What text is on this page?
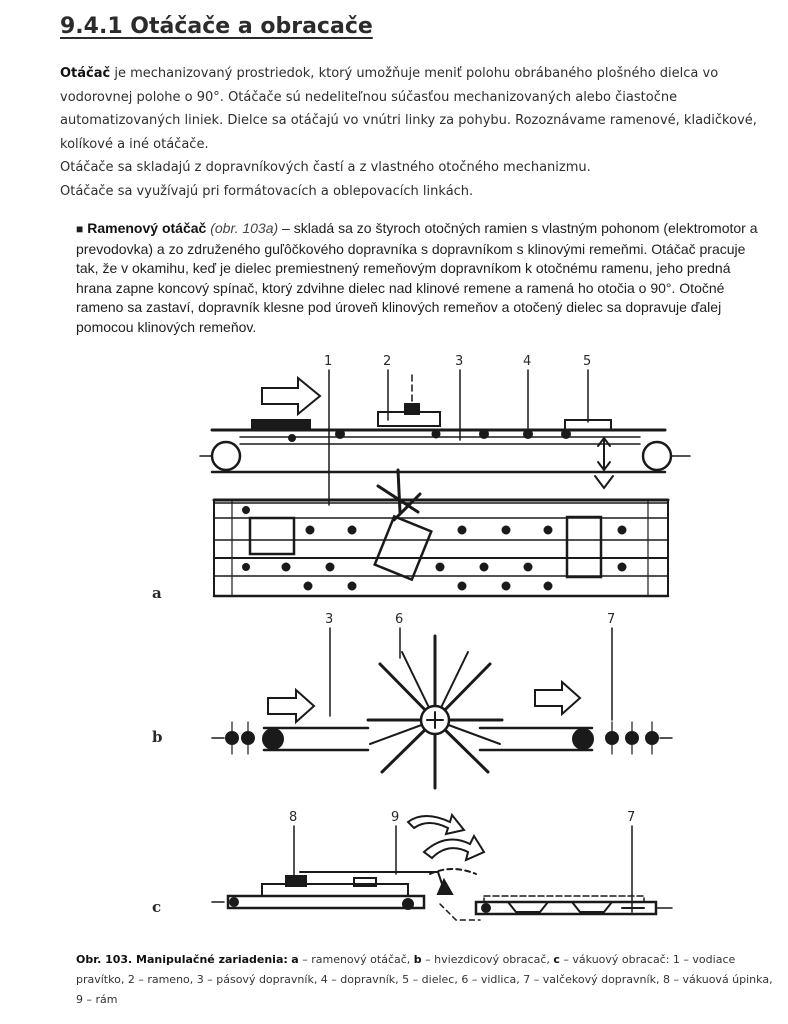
9.4.1 Otáčače a obracače

Otáčač je mechanizovaný prostriedok, ktorý umožňuje meniť polohu obrábaného plošného dielca vo vodorovnej polohe o 90°. Otáčače sú nedeliteľnou súčasťou mechanizovaných alebo čiastočne automatizovaných liniek. Dielce sa otáčajú vo vnútri linky za pohybu. Rozoznávame ramenové, kladičkové, kolíkové a iné otáčače.

Otáčače sa skladajú z dopravníkových častí a z vlastného otočného mechanizmu.

Otáčače sa využívajú pri formátovacích a oblepovacích linkách.

■ Ramenový otáčač (obr. 103a) – skladá sa zo štyroch otočných ramien s vlastným pohonom (elektromotor a prevodovka) a zo združeného guľôčkového dopravníka s dopravníkom s klinovými remeňmi. Otáčač pracuje tak, že v okamihu, keď je dielec premiestnený remeňovým dopravníkom k otočnému ramenu, jeho predná hrana zapne koncový spínač, ktorý zdvihne dielec nad klinové remene a ramená ho otočia o 90°. Otočné rameno sa zastaví, dopravník klesne pod úroveň klinových remeňov a otočený dielec sa dopravuje ďalej pomocou klinových remeňov.
a
b
c
1	2	3	4	5
3	6	7
8	9	7
Obr. 103. Manipulačné zariadenia: a – ramenový otáčač, b – hviezdicový obracač, c – vákuový obracač: 1 – vodiace pravítko, 2 – rameno, 3 – pásový dopravník, 4 – dopravník, 5 – dielec, 6 – vidlica, 7 – valčekový dopravník, 8 – vákuová úpinka, 9 – rám
